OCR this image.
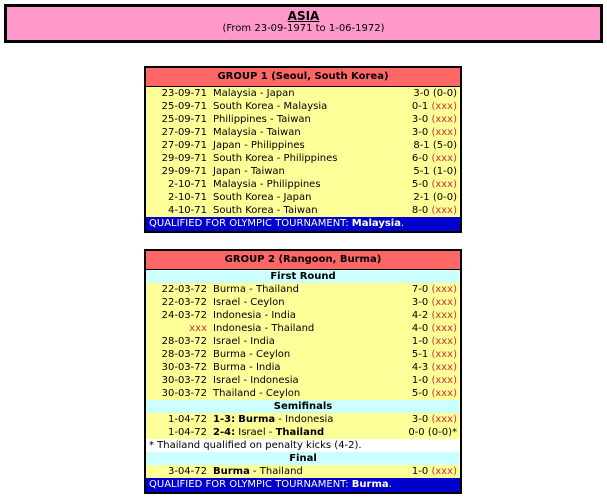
ASIA
(From 23-09-1971 to 1-06-1972)
GROUP 1 (Seoul, South Korea)		
23-09-71	Malaysia - Japan	3-0 (0-0)
25-09-71	South Korea - Malaysia	0-1 (xxx)
25-09-71	Philippines - Taiwan	3-0 (xxx)
27-09-71	Malaysia - Taiwan	3-0 (xxx)
27-09-71	Japan - Philippines	8-1 (5-0)
29-09-71	South Korea - Philippines	6-0 (xxx)
29-09-71	Japan - Taiwan	5-1 (1-0)
2-10-71	Malaysia - Philippines	5-0 (xxx)
2-10-71	South Korea - Japan	2-1 (0-0)
4-10-71	South Korea - Taiwan	8-0 (xxx)
QUALIFIED FOR OLYMPIC TOURNAMENT: Malaysia.		
GROUP 2 (Rangoon, Burma)		
First Round		
22-03-72	Burma - Thailand	7-0 (xxx)
22-03-72	Israel - Ceylon	3-0 (xxx)
24-03-72	Indonesia - India	4-2 (xxx)
xxx	Indonesia - Thailand	4-0 (xxx)
28-03-72	Israel - India	1-0 (xxx)
28-03-72	Burma - Ceylon	5-1 (xxx)
30-03-72	Burma - India	4-3 (xxx)
30-03-72	Israel - Indonesia	1-0 (xxx)
30-03-72	Thailand - Ceylon	5-0 (xxx)
Semifinals		
1-04-72	1-3: Burma - Indonesia	3-0 (xxx)
1-04-72	2-4: Israel - Thailand	0-0 (0-0)*
* Thailand qualified on penalty kicks (4-2).		
Final		
3-04-72	Burma - Thailand	1-0 (xxx)
QUALIFIED FOR OLYMPIC TOURNAMENT: Burma.		
